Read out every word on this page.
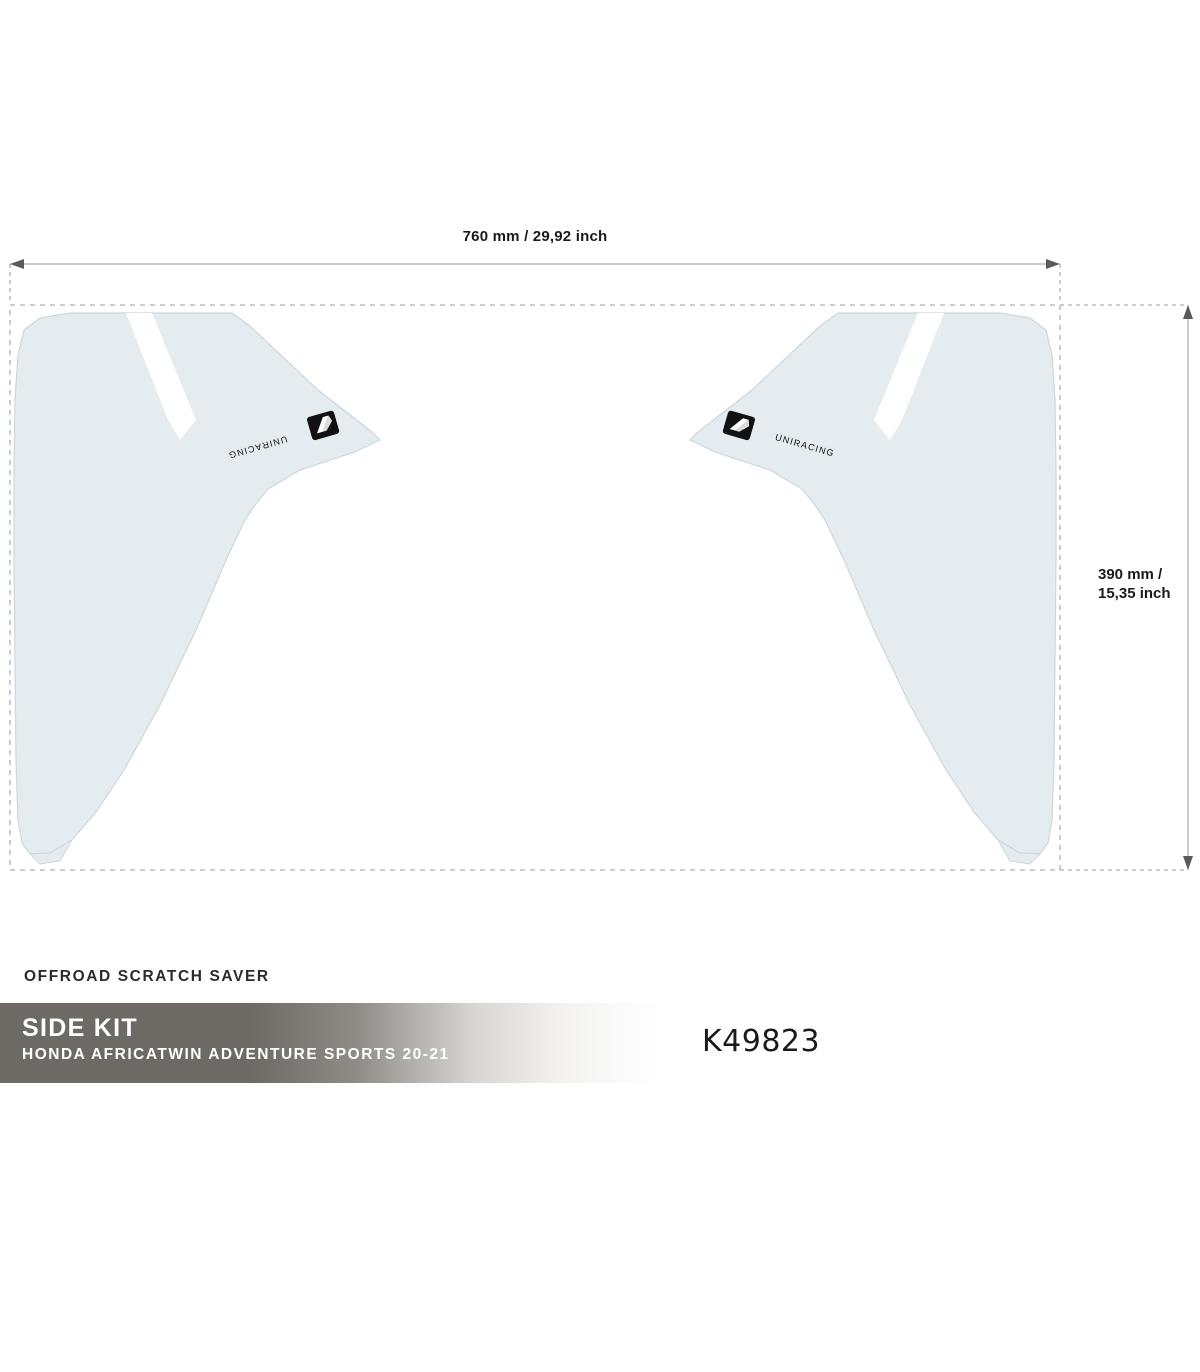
UNIRACING	UNIRACING
760 mm / 29,92 inch
390 mm /
15,35 inch
OFFROAD SCRATCH SAVER
SIDE KIT
HONDA AFRICATWIN ADVENTURE SPORTS 20-21	K49823
